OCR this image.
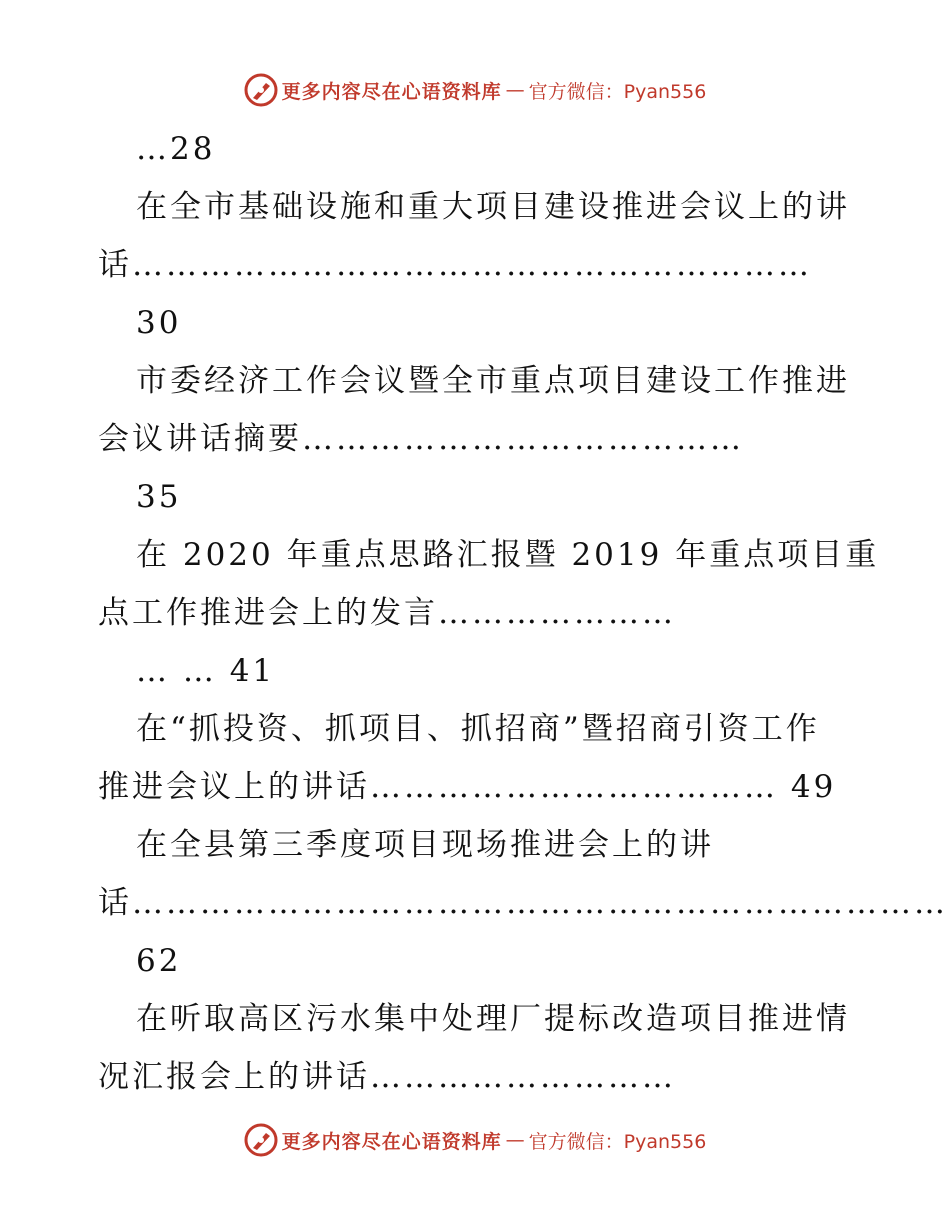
更多内容尽在心语资料库 — 官方微信：Pyan556
…28
在全市基础设施和重大项目建设推进会议上的讲
话……………………………………………………
30
市委经济工作会议暨全市重点项目建设工作推进
会议讲话摘要…………………………………
35
在 2020 年重点思路汇报暨 2019 年重点项目重
点工作推进会上的发言…………………
… … 41
在“抓投资、抓项目、抓招商”暨招商引资工作
推进会议上的讲话……………………………… 49
在全县第三季度项目现场推进会上的讲
话………………………………………………………………
62
在听取高区污水集中处理厂提标改造项目推进情
况汇报会上的讲话………………………
更多内容尽在心语资料库 — 官方微信：Pyan556
